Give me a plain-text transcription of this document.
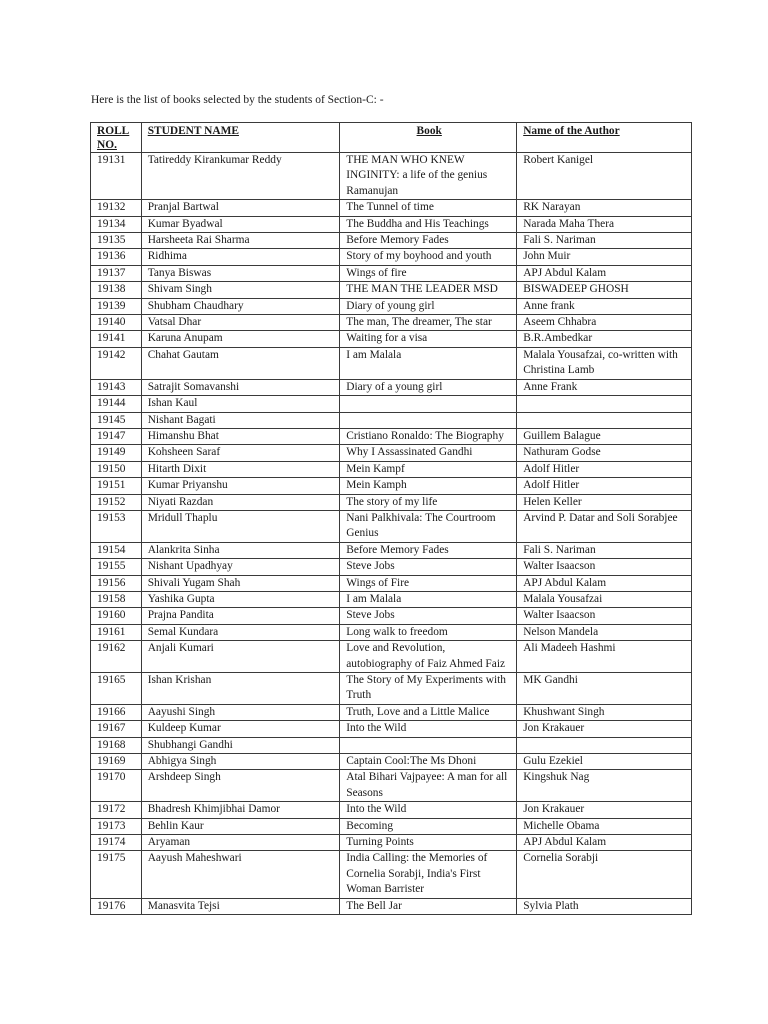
Here is the list of books selected by the students of Section-C: -
ROLL NO.	STUDENT NAME	Book	Name of the Author
19131	Tatireddy Kirankumar Reddy	THE MAN WHO KNEW INGINITY: a life of the genius Ramanujan	Robert Kanigel
19132	Pranjal Bartwal	The Tunnel of time	RK Narayan
19134	Kumar Byadwal	The Buddha and His Teachings	Narada Maha Thera
19135	Harsheeta Rai Sharma	Before Memory Fades	Fali S. Nariman
19136	Ridhima	Story of my boyhood and youth	John Muir
19137	Tanya Biswas	Wings of fire	APJ Abdul Kalam
19138	Shivam Singh	THE MAN THE LEADER MSD	BISWADEEP GHOSH
19139	Shubham Chaudhary	Diary of young girl	Anne frank
19140	Vatsal Dhar	The man, The dreamer, The star	Aseem Chhabra
19141	Karuna Anupam	Waiting for a visa	B.R.Ambedkar
19142	Chahat Gautam	I am Malala	Malala Yousafzai, co-written with Christina Lamb
19143	Satrajit Somavanshi	Diary of a young girl	Anne Frank
19144	Ishan Kaul		
19145	Nishant Bagati		
19147	Himanshu Bhat	Cristiano Ronaldo: The Biography	Guillem Balague
19149	Kohsheen Saraf	Why I Assassinated Gandhi	Nathuram Godse
19150	Hitarth Dixit	Mein Kampf	Adolf Hitler
19151	Kumar Priyanshu	Mein Kamph	Adolf Hitler
19152	Niyati Razdan	The story of my life	Helen Keller
19153	Mridull Thaplu	Nani Palkhivala: The Courtroom Genius	Arvind P. Datar and Soli Sorabjee
19154	Alankrita Sinha	Before Memory Fades	Fali S. Nariman
19155	Nishant Upadhyay	Steve Jobs	Walter Isaacson
19156	Shivali Yugam Shah	Wings of Fire	APJ Abdul Kalam
19158	Yashika Gupta	I am Malala	Malala Yousafzai
19160	Prajna Pandita	Steve Jobs	Walter Isaacson
19161	Semal Kundara	Long walk to freedom	Nelson Mandela
19162	Anjali Kumari	Love and Revolution, autobiography of Faiz Ahmed Faiz	Ali Madeeh Hashmi
19165	Ishan Krishan	The Story of My Experiments with Truth	MK Gandhi
19166	Aayushi Singh	Truth, Love and a Little Malice	Khushwant Singh
19167	Kuldeep Kumar	Into the Wild	Jon Krakauer
19168	Shubhangi Gandhi		
19169	Abhigya Singh	Captain Cool:The Ms Dhoni	Gulu Ezekiel
19170	Arshdeep Singh	Atal Bihari Vajpayee: A man for all Seasons	Kingshuk Nag
19172	Bhadresh Khimjibhai Damor	Into the Wild	Jon Krakauer
19173	Behlin Kaur	Becoming	Michelle Obama
19174	Aryaman	Turning Points	APJ Abdul Kalam
19175	Aayush Maheshwari	India Calling: the Memories of Cornelia Sorabji, India's First Woman Barrister	Cornelia Sorabji
19176	Manasvita Tejsi	The Bell Jar	Sylvia Plath
